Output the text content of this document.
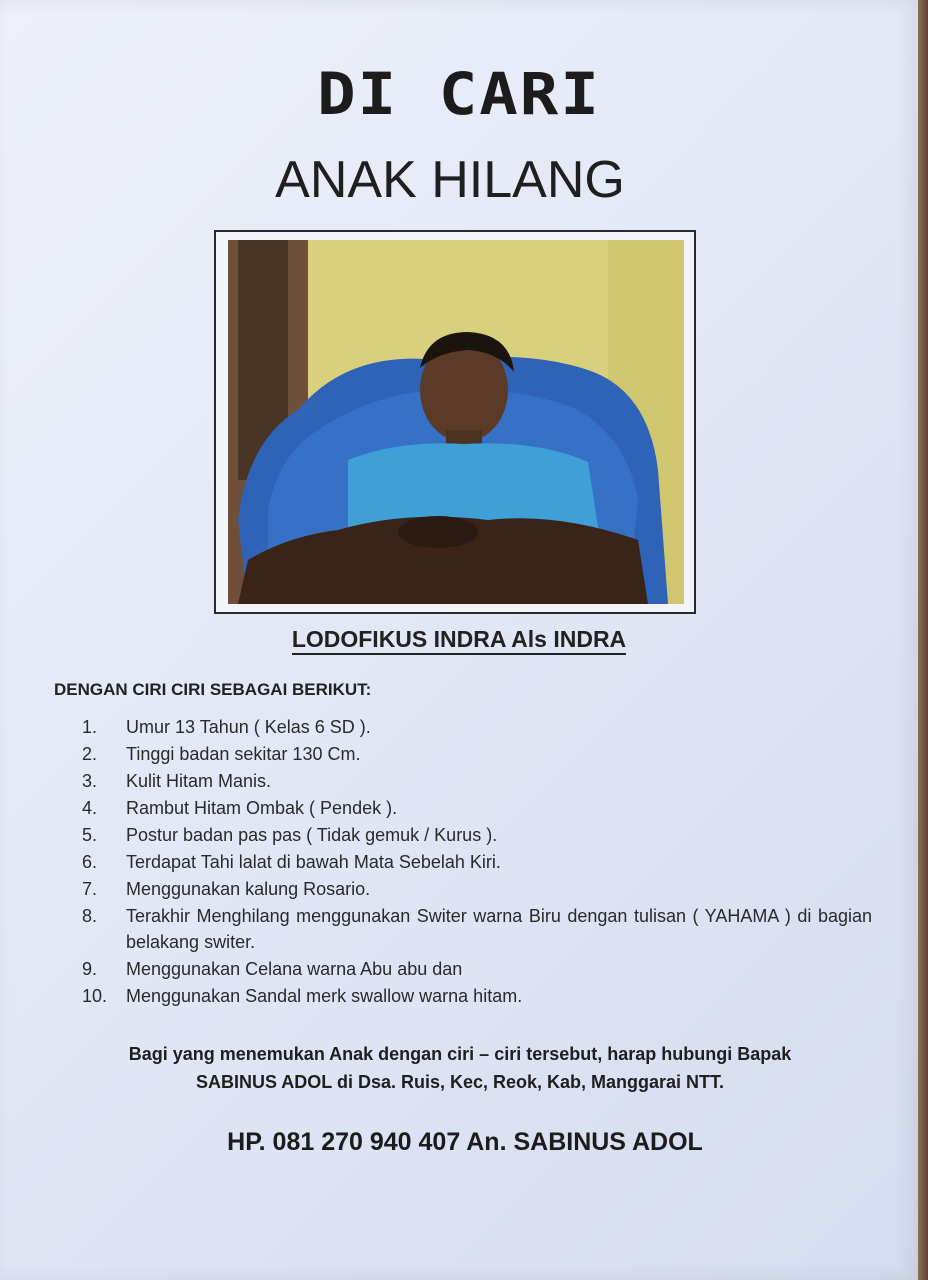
DI CARI
ANAK HILANG
LODOFIKUS INDRA Als INDRA
DENGAN CIRI CIRI SEBAGAI BERIKUT:
1.	Umur 13 Tahun ( Kelas 6 SD ).
2.	Tinggi badan sekitar 130 Cm.
3.	Kulit Hitam Manis.
4.	Rambut Hitam Ombak ( Pendek ).
5.	Postur badan pas pas ( Tidak gemuk / Kurus ).
6.	Terdapat Tahi lalat di bawah Mata Sebelah Kiri.
7.	Menggunakan kalung Rosario.
8.	Terakhir Menghilang menggunakan Switer warna Biru dengan tulisan ( YAHAMA ) di bagian belakang switer.
9.	Menggunakan Celana warna Abu abu dan
10.	Menggunakan Sandal merk swallow warna hitam.
Bagi yang menemukan Anak dengan ciri – ciri tersebut, harap hubungi Bapak
SABINUS ADOL di Dsa. Ruis, Kec, Reok, Kab, Manggarai NTT.
HP. 081 270 940 407 An. SABINUS ADOL
